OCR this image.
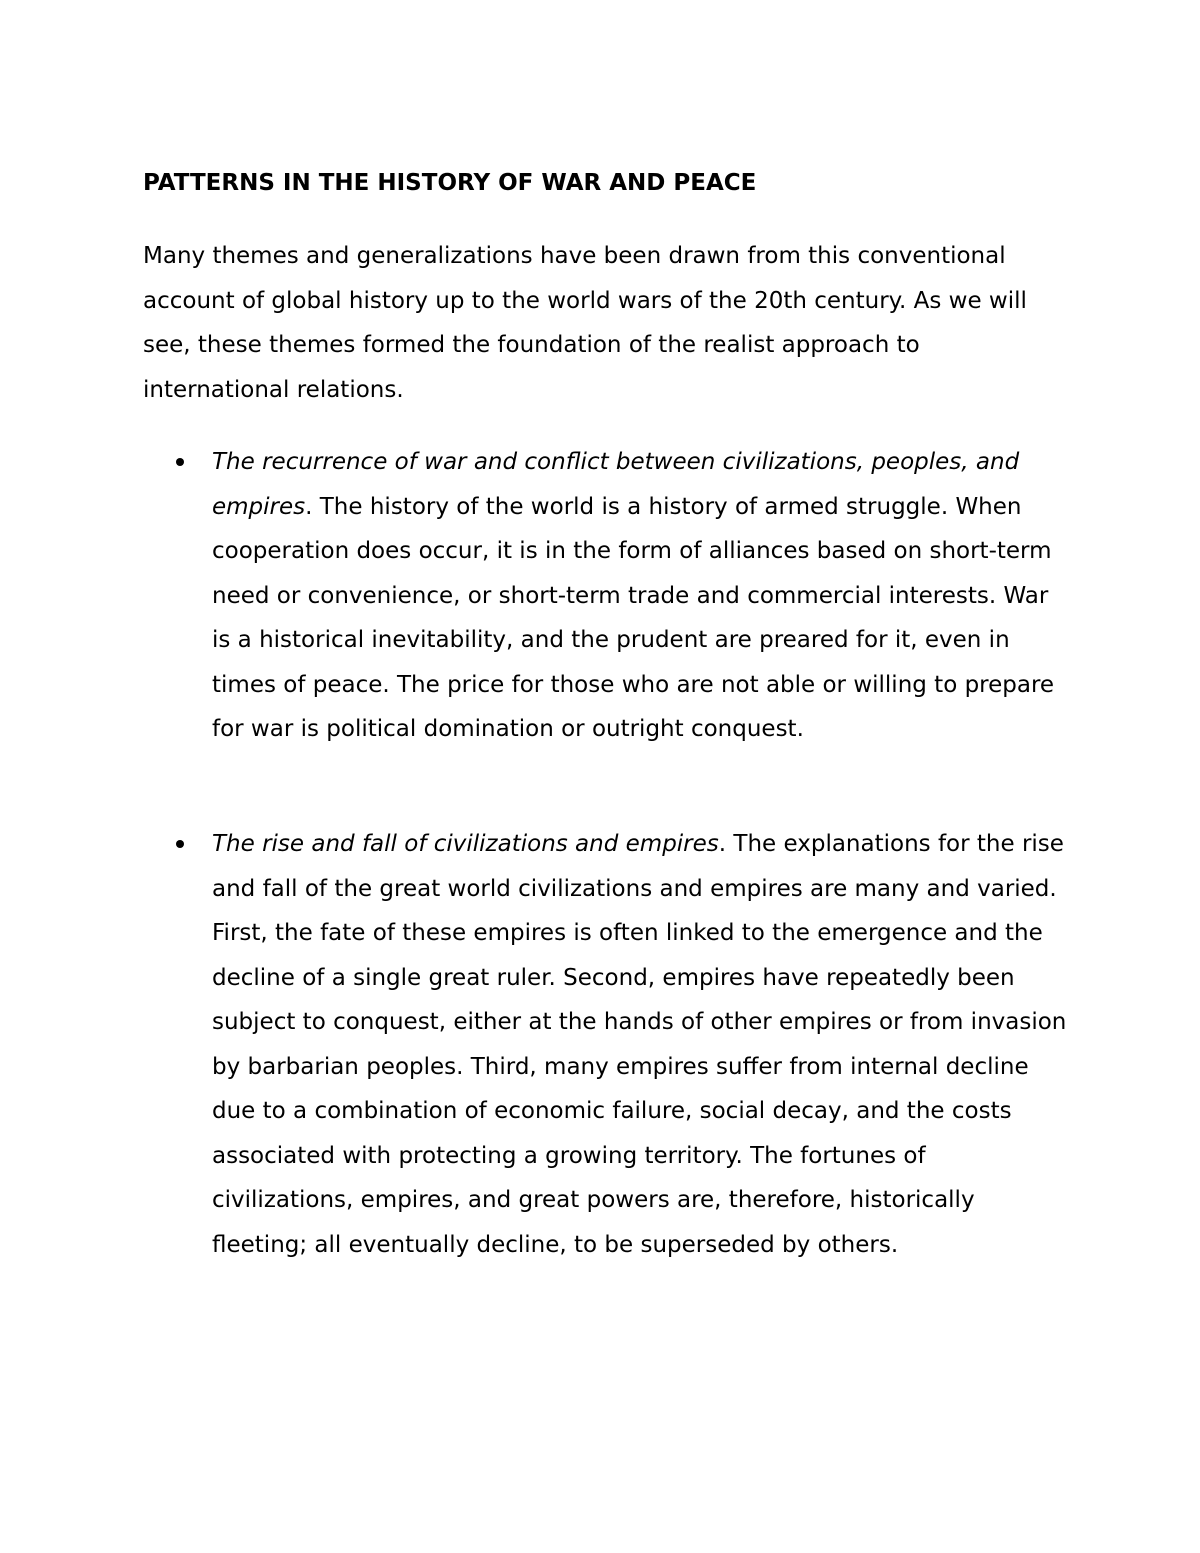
PATTERNS IN THE HISTORY OF WAR AND PEACE

Many themes and generalizations have been drawn from this conventional account of global history up to the world wars of the 20th century. As we will see, these themes formed the foundation of the realist approach to international relations.

The recurrence of war and conflict between civilizations, peoples, and empires. The history of the world is a history of armed struggle. When cooperation does occur, it is in the form of alliances based on short-term need or convenience, or short-term trade and commercial interests. War is a historical inevitability, and the prudent are preared for it, even in times of peace. The price for those who are not able or willing to prepare for war is political domination or outright conquest.

The rise and fall of civilizations and empires. The explanations for the rise and fall of the great world civilizations and empires are many and varied. First, the fate of these empires is often linked to the emergence and the decline of a single great ruler. Second, empires have repeatedly been subject to conquest, either at the hands of other empires or from invasion by barbarian peoples. Third, many empires suffer from internal decline due to a combination of economic failure, social decay, and the costs associated with protecting a growing territory. The fortunes of civilizations, empires, and great powers are, therefore, historically fleeting; all eventually decline, to be superseded by others.
